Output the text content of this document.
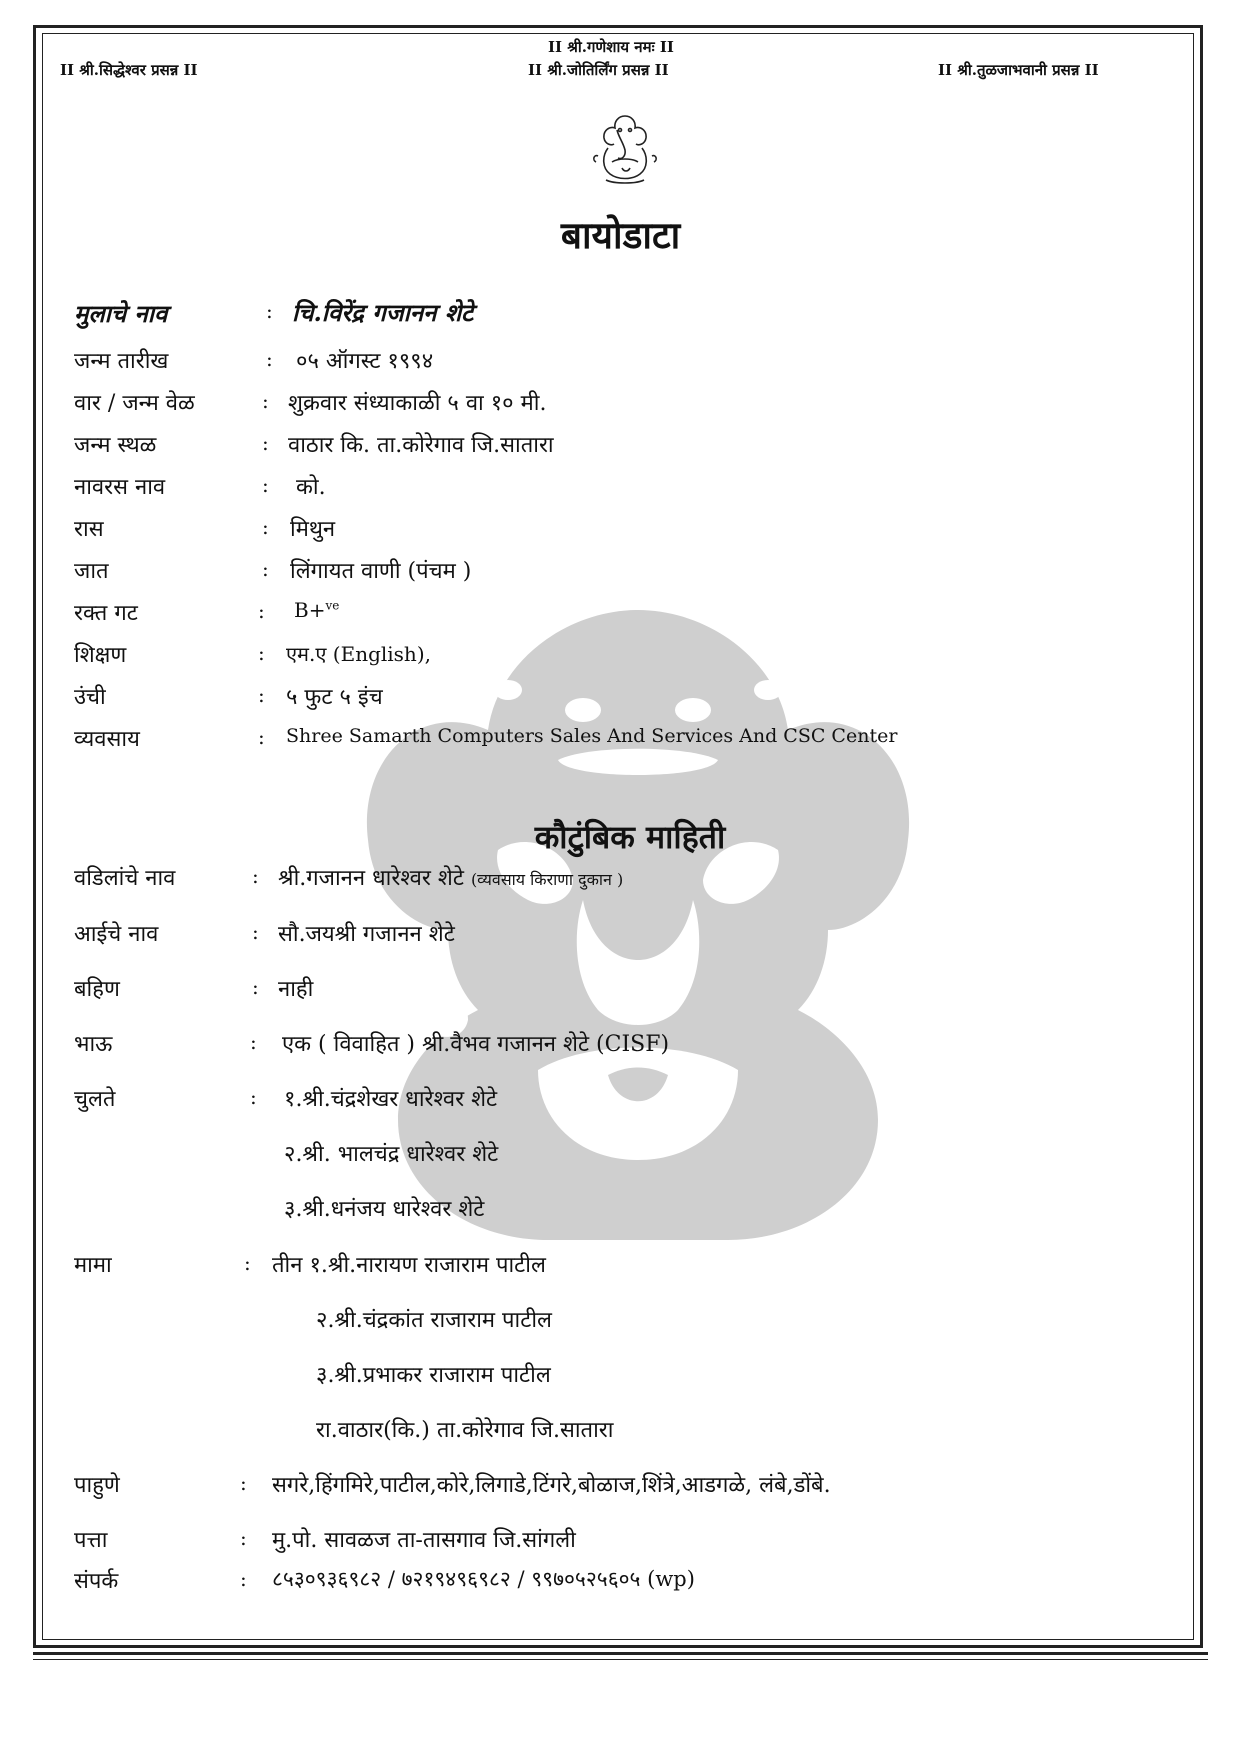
II श्री.गणेशाय नमः II
II श्री.सिद्धेश्वर प्रसन्न II	II श्री.जोतिर्लिंग प्रसन्न II	II श्री.तुळजाभवानी प्रसन्न II
बायोडाटा
मुलाचे नाव	: चि.विरेंद्र गजानन शेटे
जन्म तारीख	: ०५ ऑगस्ट १९९४
वार / जन्म वेळ	: शुक्रवार संध्याकाळी ५ वा १० मी.
जन्म स्थळ	: वाठार कि. ता.कोरेगाव जि.सातारा
नावरस नाव	: को.
रास	: मिथुन
जात	: लिंगायत वाणी (पंचम )
रक्त गट	: B+$^{ve}$
शिक्षण	: एम.ए (English),
उंची	: ५ फुट ५ इंच
व्यवसाय	: Shree Samarth Computers Sales And Services And CSC Center
कौटुंबिक माहिती
वडिलांचे नाव	: श्री.गजानन धारेश्वर शेटे (व्यवसाय किराणा दुकान )
आईचे नाव	: सौ.जयश्री गजानन शेटे
बहिण	: नाही
भाऊ	: एक ( विवाहित ) श्री.वैभव गजानन शेटे (CISF)
चुलते	: १.श्री.चंद्रशेखर धारेश्वर शेटे
२.श्री. भालचंद्र धारेश्वर शेटे
३.श्री.धनंजय धारेश्वर शेटे
मामा	: तीन १.श्री.नारायण राजाराम पाटील
२.श्री.चंद्रकांत राजाराम पाटील
३.श्री.प्रभाकर राजाराम पाटील
रा.वाठार(कि.) ता.कोरेगाव जि.सातारा
पाहुणे	: सगरे,हिंगमिरे,पाटील,कोरे,लिगाडे,टिंगरे,बोळाज,शिंत्रे,आडगळे, लंबे,डोंबे.
पत्ता	: मु.पो. सावळज ता-तासगाव जि.सांगली
संपर्क	: ८५३०९३६९८२ / ७२१९४९६९८२ / ९९७०५२५६०५ (wp)
